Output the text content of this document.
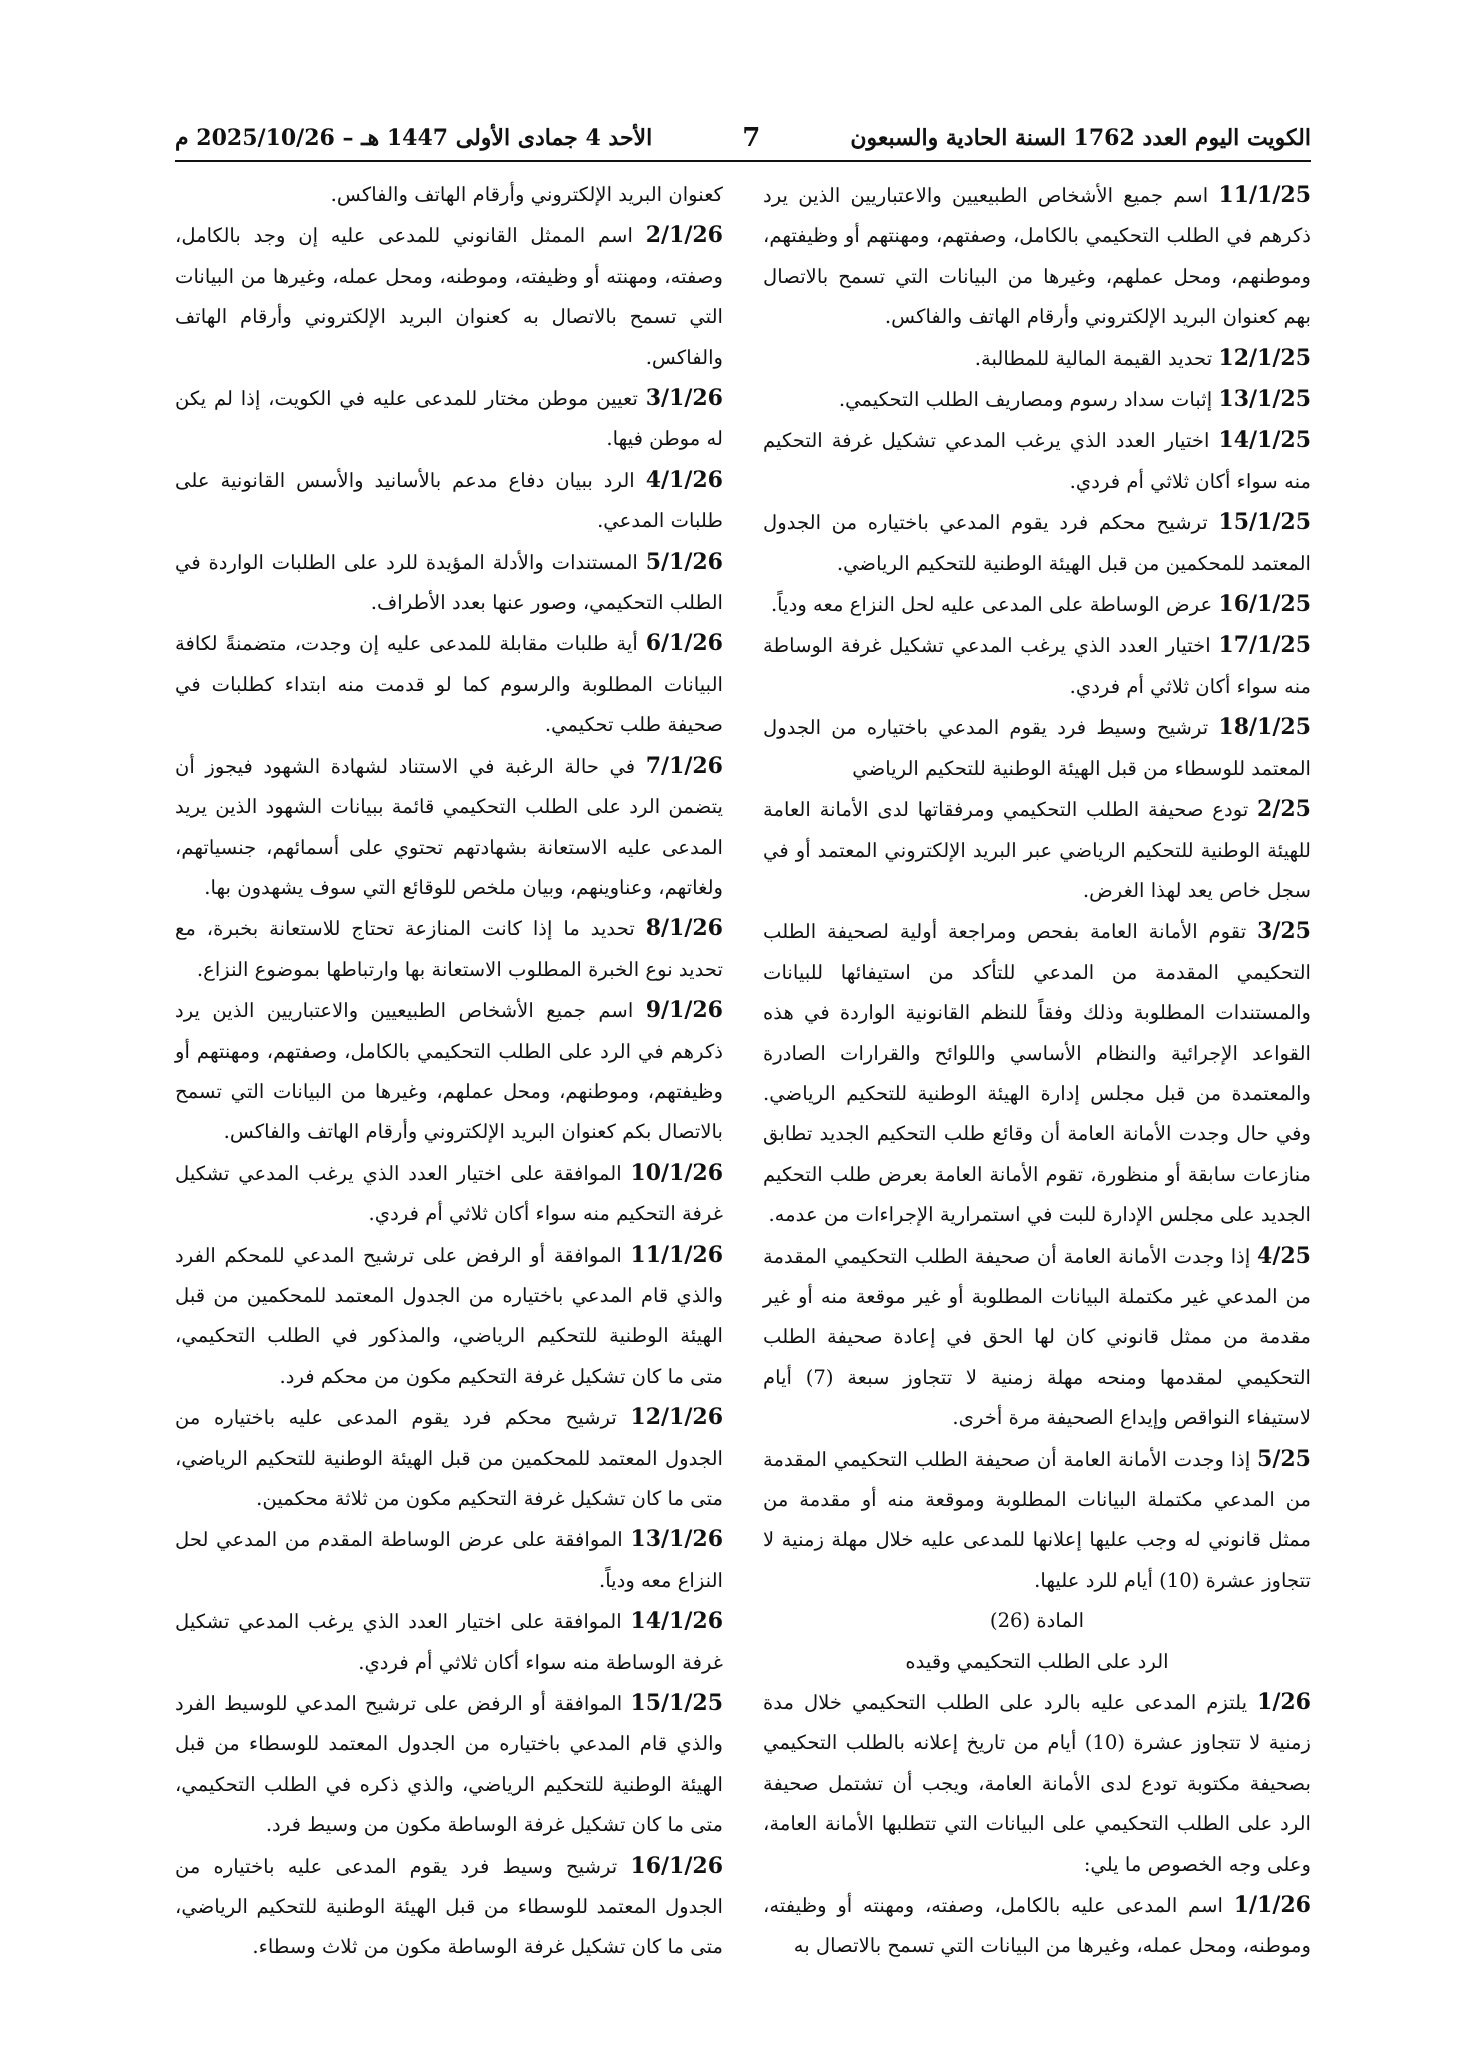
الكويت اليوم العدد 1762 السنة الحادية والسبعون
7
الأحد 4 جمادى الأولى 1447 هـ – 2025/10/26 م

11/1/25 اسم جميع الأشخاص الطبيعيين والاعتباريين الذين يرد ذكرهم في الطلب التحكيمي بالكامل، وصفتهم، ومهنتهم أو وظيفتهم، وموطنهم، ومحل عملهم، وغيرها من البيانات التي تسمح بالاتصال بهم كعنوان البريد الإلكتروني وأرقام الهاتف والفاكس.

12/1/25 تحديد القيمة المالية للمطالبة.

13/1/25 إثبات سداد رسوم ومصاريف الطلب التحكيمي.

14/1/25 اختيار العدد الذي يرغب المدعي تشكيل غرفة التحكيم منه سواء أكان ثلاثي أم فردي.

15/1/25 ترشيح محكم فرد يقوم المدعي باختياره من الجدول المعتمد للمحكمين من قبل الهيئة الوطنية للتحكيم الرياضي.

16/1/25 عرض الوساطة على المدعى عليه لحل النزاع معه ودياً.

17/1/25 اختيار العدد الذي يرغب المدعي تشكيل غرفة الوساطة منه سواء أكان ثلاثي أم فردي.

18/1/25 ترشيح وسيط فرد يقوم المدعي باختياره من الجدول المعتمد للوسطاء من قبل الهيئة الوطنية للتحكيم الرياضي

2/25 تودع صحيفة الطلب التحكيمي ومرفقاتها لدى الأمانة العامة للهيئة الوطنية للتحكيم الرياضي عبر البريد الإلكتروني المعتمد أو في سجل خاص يعد لهذا الغرض.

3/25 تقوم الأمانة العامة بفحص ومراجعة أولية لصحيفة الطلب التحكيمي المقدمة من المدعي للتأكد من استيفائها للبيانات والمستندات المطلوبة وذلك وفقاً للنظم القانونية الواردة في هذه القواعد الإجرائية والنظام الأساسي واللوائح والقرارات الصادرة والمعتمدة من قبل مجلس إدارة الهيئة الوطنية للتحكيم الرياضي. وفي حال وجدت الأمانة العامة أن وقائع طلب التحكيم الجديد تطابق منازعات سابقة أو منظورة، تقوم الأمانة العامة بعرض طلب التحكيم الجديد على مجلس الإدارة للبت في استمرارية الإجراءات من عدمه.

4/25 إذا وجدت الأمانة العامة أن صحيفة الطلب التحكيمي المقدمة من المدعي غير مكتملة البيانات المطلوبة أو غير موقعة منه أو غير مقدمة من ممثل قانوني كان لها الحق في إعادة صحيفة الطلب التحكيمي لمقدمها ومنحه مهلة زمنية لا تتجاوز سبعة (7) أيام لاستيفاء النواقص وإيداع الصحيفة مرة أخرى.

5/25 إذا وجدت الأمانة العامة أن صحيفة الطلب التحكيمي المقدمة من المدعي مكتملة البيانات المطلوبة وموقعة منه أو مقدمة من ممثل قانوني له وجب عليها إعلانها للمدعى عليه خلال مهلة زمنية لا تتجاوز عشرة (10) أيام للرد عليها.

المادة (26)

الرد على الطلب التحكيمي وقيده

1/26 يلتزم المدعى عليه بالرد على الطلب التحكيمي خلال مدة زمنية لا تتجاوز عشرة (10) أيام من تاريخ إعلانه بالطلب التحكيمي بصحيفة مكتوبة تودع لدى الأمانة العامة، ويجب أن تشتمل صحيفة الرد على الطلب التحكيمي على البيانات التي تتطلبها الأمانة العامة، وعلى وجه الخصوص ما يلي:

1/1/26 اسم المدعى عليه بالكامل، وصفته، ومهنته أو وظيفته، وموطنه، ومحل عمله، وغيرها من البيانات التي تسمح بالاتصال به

كعنوان البريد الإلكتروني وأرقام الهاتف والفاكس.

2/1/26 اسم الممثل القانوني للمدعى عليه إن وجد بالكامل، وصفته، ومهنته أو وظيفته، وموطنه، ومحل عمله، وغيرها من البيانات التي تسمح بالاتصال به كعنوان البريد الإلكتروني وأرقام الهاتف والفاكس.

3/1/26 تعيين موطن مختار للمدعى عليه في الكويت، إذا لم يكن له موطن فيها.

4/1/26 الرد ببيان دفاع مدعم بالأسانيد والأسس القانونية على طلبات المدعي.

5/1/26 المستندات والأدلة المؤيدة للرد على الطلبات الواردة في الطلب التحكيمي، وصور عنها بعدد الأطراف.

6/1/26 أية طلبات مقابلة للمدعى عليه إن وجدت، متضمنةً لكافة البيانات المطلوبة والرسوم كما لو قدمت منه ابتداء كطلبات في صحيفة طلب تحكيمي.

7/1/26 في حالة الرغبة في الاستناد لشهادة الشهود فيجوز أن يتضمن الرد على الطلب التحكيمي قائمة ببيانات الشهود الذين يريد المدعى عليه الاستعانة بشهادتهم تحتوي على أسمائهم، جنسياتهم، ولغاتهم، وعناوينهم، وبيان ملخص للوقائع التي سوف يشهدون بها.

8/1/26 تحديد ما إذا كانت المنازعة تحتاج للاستعانة بخبرة، مع تحديد نوع الخبرة المطلوب الاستعانة بها وارتباطها بموضوع النزاع.

9/1/26 اسم جميع الأشخاص الطبيعيين والاعتباريين الذين يرد ذكرهم في الرد على الطلب التحكيمي بالكامل، وصفتهم، ومهنتهم أو وظيفتهم، وموطنهم، ومحل عملهم، وغيرها من البيانات التي تسمح بالاتصال بكم كعنوان البريد الإلكتروني وأرقام الهاتف والفاكس.

10/1/26 الموافقة على اختيار العدد الذي يرغب المدعي تشكيل غرفة التحكيم منه سواء أكان ثلاثي أم فردي.

11/1/26 الموافقة أو الرفض على ترشيح المدعي للمحكم الفرد والذي قام المدعي باختياره من الجدول المعتمد للمحكمين من قبل الهيئة الوطنية للتحكيم الرياضي، والمذكور في الطلب التحكيمي، متى ما كان تشكيل غرفة التحكيم مكون من محكم فرد.

12/1/26 ترشيح محكم فرد يقوم المدعى عليه باختياره من الجدول المعتمد للمحكمين من قبل الهيئة الوطنية للتحكيم الرياضي، متى ما كان تشكيل غرفة التحكيم مكون من ثلاثة محكمين.

13/1/26 الموافقة على عرض الوساطة المقدم من المدعي لحل النزاع معه ودياً.

14/1/26 الموافقة على اختيار العدد الذي يرغب المدعي تشكيل غرفة الوساطة منه سواء أكان ثلاثي أم فردي.

15/1/25 الموافقة أو الرفض على ترشيح المدعي للوسيط الفرد والذي قام المدعي باختياره من الجدول المعتمد للوسطاء من قبل الهيئة الوطنية للتحكيم الرياضي، والذي ذكره في الطلب التحكيمي، متى ما كان تشكيل غرفة الوساطة مكون من وسيط فرد.

16/1/26 ترشيح وسيط فرد يقوم المدعى عليه باختياره من الجدول المعتمد للوسطاء من قبل الهيئة الوطنية للتحكيم الرياضي، متى ما كان تشكيل غرفة الوساطة مكون من ثلاث وسطاء.
